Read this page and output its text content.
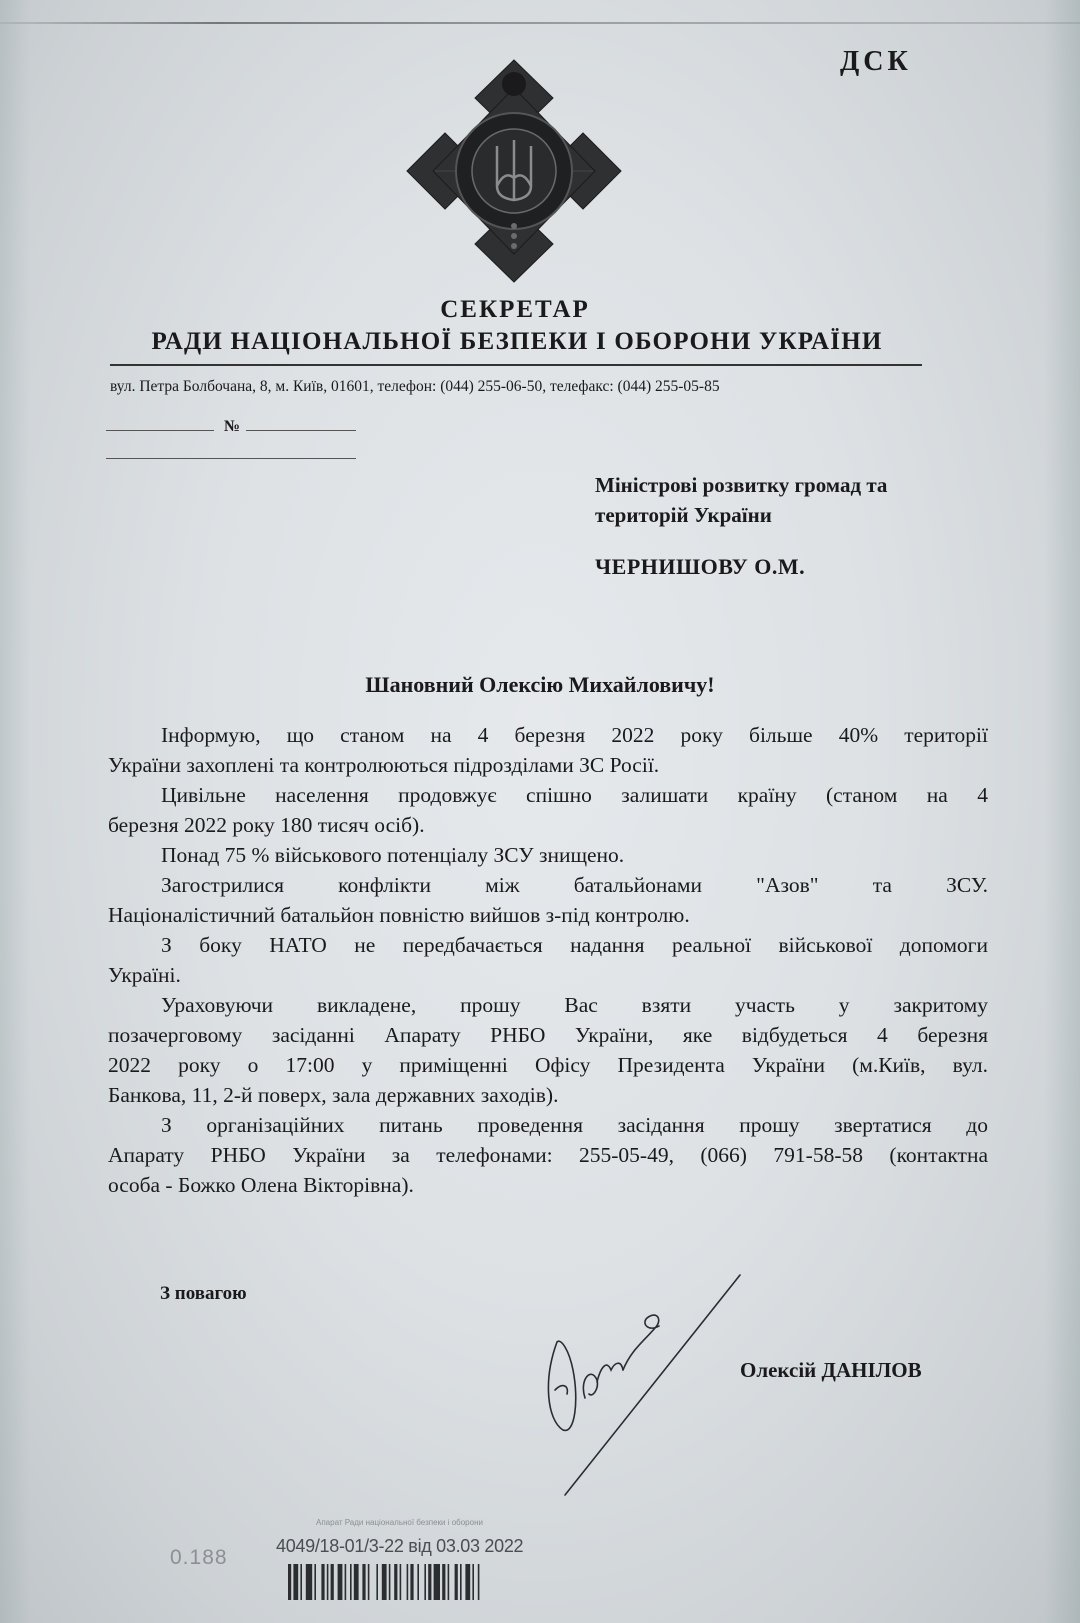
ДСК
СЕКРЕТАР
РАДИ НАЦІОНАЛЬНОЇ БЕЗПЕКИ І ОБОРОНИ УКРАЇНИ
вул. Петра Болбочана, 8, м. Київ, 01601, телефон: (044) 255-06-50, телефакс: (044) 255-05-85
№
Міністрові розвитку громад та
територій України
ЧЕРНИШОВУ О.М.
Шановний Олексію Михайловичу!
Інформую, що станом на 4 березня 2022 року більше 40% території
України захоплені та контролюються підрозділами ЗС Росії.
Цивільне населення продовжує спішно залишати країну (станом на 4
березня 2022 року 180 тисяч осіб).
Понад 75 % військового потенціалу ЗСУ знищено.
Загострилися конфлікти між батальйонами "Азов" та ЗСУ.
Націоналістичний батальйон повністю вийшов з-під контролю.
З боку НАТО не передбачається надання реальної військової допомоги
Україні.
Ураховуючи викладене, прошу Вас взяти участь у закритому
позачерговому засіданні Апарату РНБО України, яке відбудеться 4 березня
2022 року о 17:00 у приміщенні Офісу Президента України (м.Київ, вул.
Банкова, 11, 2-й поверх, зала державних заходів).
З організаційних питань проведення засідання прошу звертатися до
Апарату РНБО України за телефонами: 255-05-49, (066) 791-58-58 (контактна
особа - Божко Олена Вікторівна).
З повагою
Олексій ДАНІЛОВ
Апарат Ради національної безпеки і оборони
4049/18-01/3-22 від 03.03 2022
0.188
